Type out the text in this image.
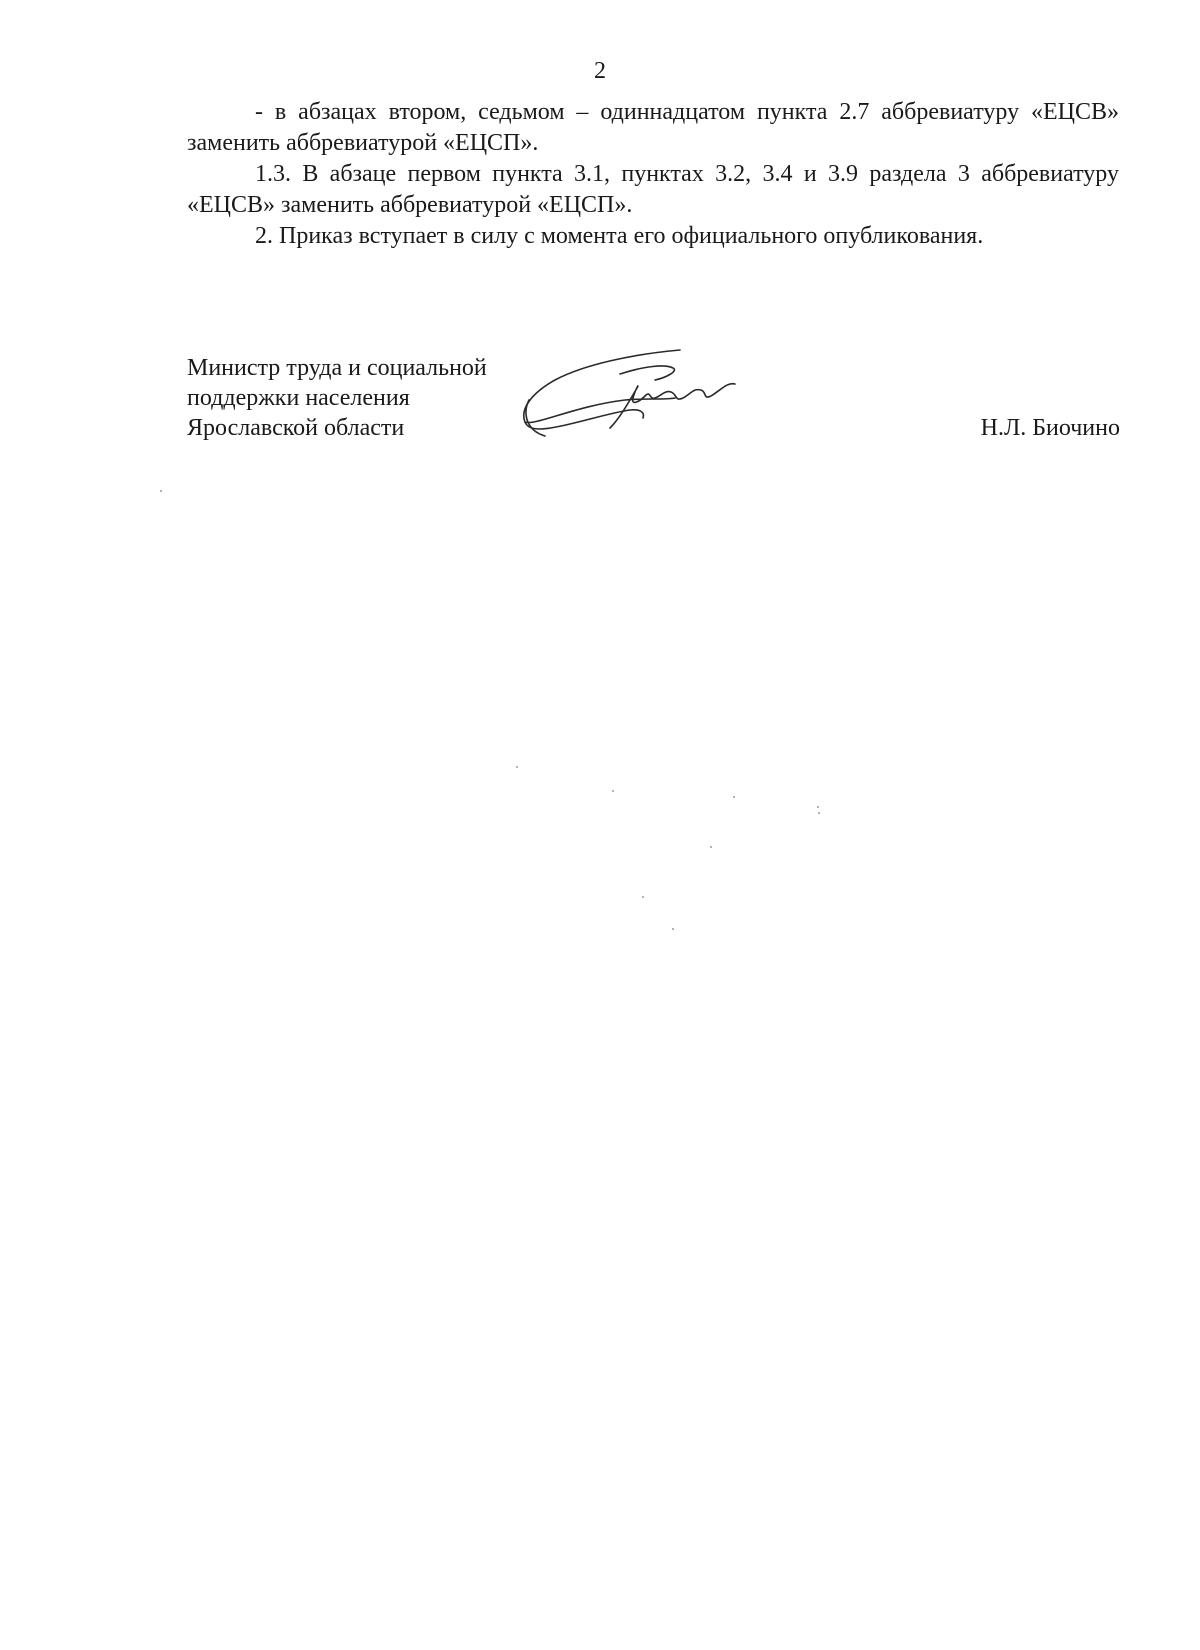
2

- в абзацах втором, седьмом – одиннадцатом пункта 2.7 аббревиатуру «ЕЦСВ» заменить аббревиатурой «ЕЦСП».

1.3. В абзаце первом пункта 3.1, пунктах 3.2, 3.4 и 3.9 раздела 3 аббревиатуру «ЕЦСВ» заменить аббревиатурой «ЕЦСП».

2. Приказ вступает в силу с момента его официального опубликования.

Министр труда и социальной
поддержки населения
Ярославской области	Н.Л. Биочино
